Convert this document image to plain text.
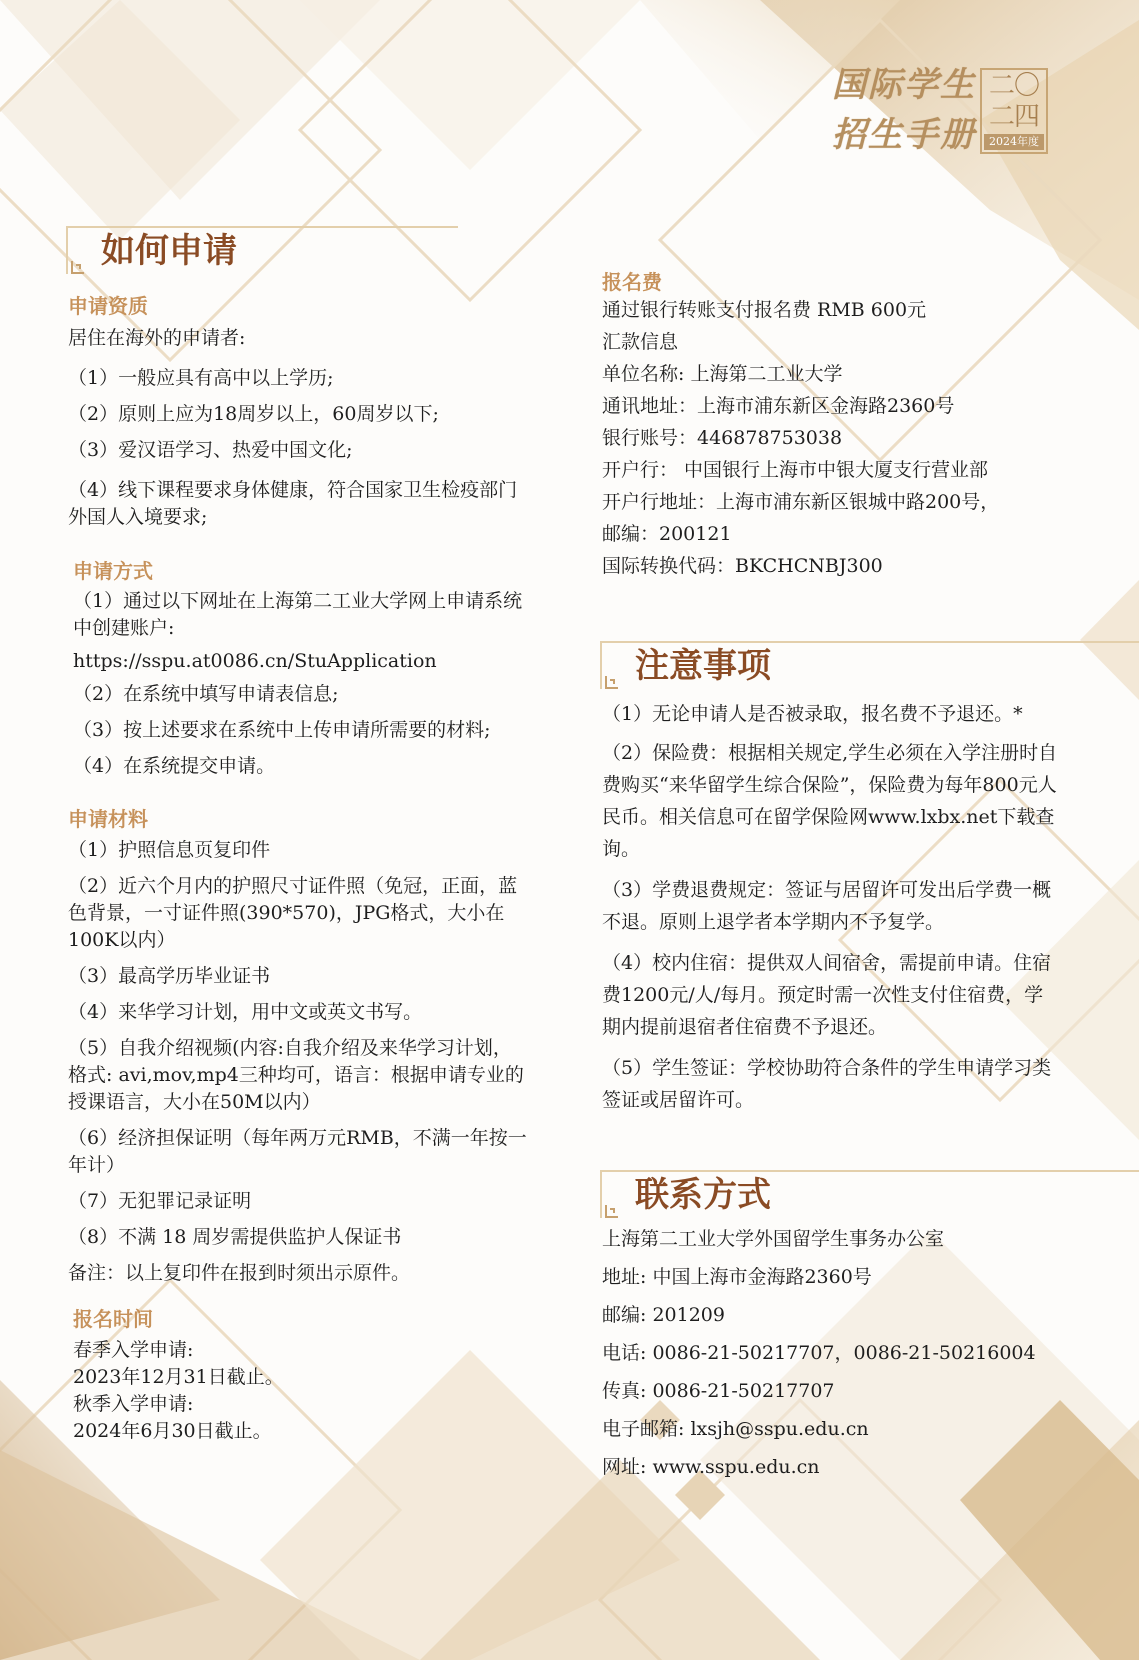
国际学生
招生手册
二〇
二四
2024年度
如何申请
申请资质
居住在海外的申请者:
（1）一般应具有高中以上学历;
（2）原则上应为18周岁以上，60周岁以下;
（3）爱汉语学习、热爱中国文化;
（4）线下课程要求身体健康，符合国家卫生检疫部门外国人入境要求;
申请方式
（1）通过以下网址在上海第二工业大学网上申请系统中创建账户:
https://sspu.at0086.cn/StuApplication
（2）在系统中填写申请表信息;
（3）按上述要求在系统中上传申请所需要的材料;
（4）在系统提交申请。
申请材料
（1）护照信息页复印件
（2）近六个月内的护照尺寸证件照（免冠，正面，蓝色背景，一寸证件照(390*570)，JPG格式，大小在100K以内）
（3）最高学历毕业证书
（4）来华学习计划，用中文或英文书写。
（5）自我介绍视频(内容:自我介绍及来华学习计划，格式: avi,mov,mp4三种均可，语言：根据申请专业的授课语言，大小在50M以内）
（6）经济担保证明（每年两万元RMB，不满一年按一年计）
（7）无犯罪记录证明
（8）不满 18 周岁需提供监护人保证书
备注：以上复印件在报到时须出示原件。
报名时间
春季入学申请:
2023年12月31日截止。
秋季入学申请:
2024年6月30日截止。
报名费
通过银行转账支付报名费 RMB 600元
汇款信息
单位名称: 上海第二工业大学
通讯地址：上海市浦东新区金海路2360号
银行账号：446878753038
开户行： 中国银行上海市中银大厦支行营业部
开户行地址：上海市浦东新区银城中路200号，
邮编：200121
国际转换代码：BKCHCNBJ300
注意事项
（1）无论申请人是否被录取，报名费不予退还。*
（2）保险费：根据相关规定,学生必须在入学注册时自费购买“来华留学生综合保险”，保险费为每年800元人民币。相关信息可在留学保险网www.lxbx.net下载查询。
（3）学费退费规定：签证与居留许可发出后学费一概不退。原则上退学者本学期内不予复学。
（4）校内住宿：提供双人间宿舍，需提前申请。住宿费1200元/人/每月。预定时需一次性支付住宿费，学期内提前退宿者住宿费不予退还。
（5）学生签证：学校协助符合条件的学生申请学习类签证或居留许可。
联系方式
上海第二工业大学外国留学生事务办公室
地址: 中国上海市金海路2360号
邮编: 201209
电话: 0086-21-50217707，0086-21-50216004
传真: 0086-21-50217707
电子邮箱: lxsjh@sspu.edu.cn
网址: www.sspu.edu.cn
